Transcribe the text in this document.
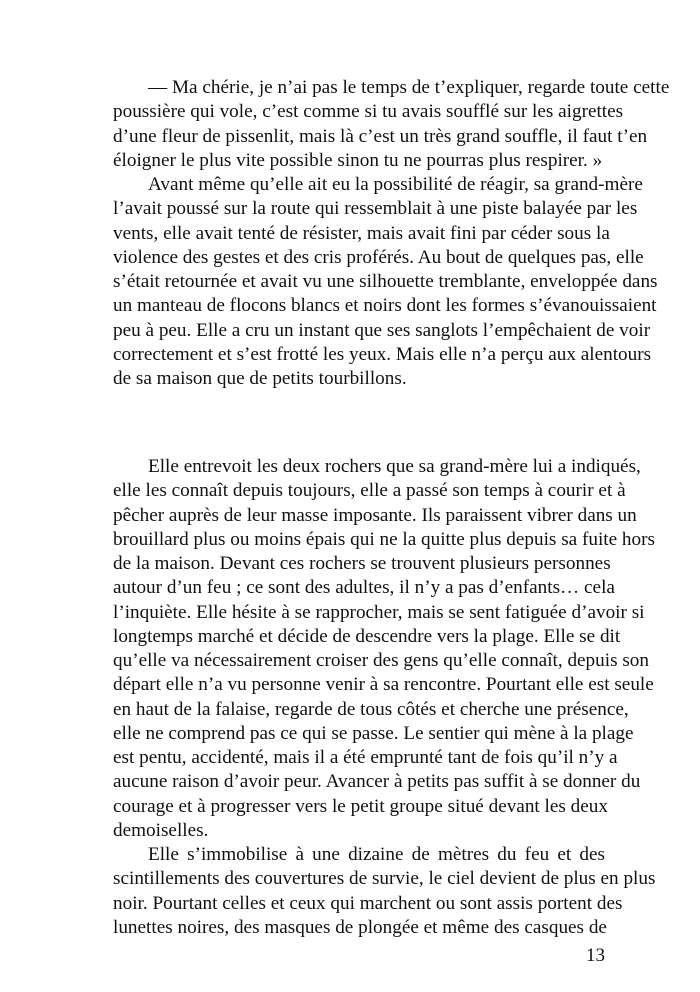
— Ma chérie, je n’ai pas le temps de t’expliquer, regarde toute cette
poussière qui vole, c’est comme si tu avais soufflé sur les aigrettes
d’une fleur de pissenlit, mais là c’est un très grand souffle, il faut t’en
éloigner le plus vite possible sinon tu ne pourras plus respirer. »
Avant même qu’elle ait eu la possibilité de réagir, sa grand-mère
l’avait poussé sur la route qui ressemblait à une piste balayée par les
vents, elle avait tenté de résister, mais avait fini par céder sous la
violence des gestes et des cris proférés. Au bout de quelques pas, elle
s’était retournée et avait vu une silhouette tremblante, enveloppée dans
un manteau de flocons blancs et noirs dont les formes s’évanouissaient
peu à peu. Elle a cru un instant que ses sanglots l’empêchaient de voir
correctement et s’est frotté les yeux. Mais elle n’a perçu aux alentours
de sa maison que de petits tourbillons.
Elle entrevoit les deux rochers que sa grand-mère lui a indiqués,
elle les connaît depuis toujours, elle a passé son temps à courir et à
pêcher auprès de leur masse imposante. Ils paraissent vibrer dans un
brouillard plus ou moins épais qui ne la quitte plus depuis sa fuite hors
de la maison. Devant ces rochers se trouvent plusieurs personnes
autour d’un feu ; ce sont des adultes, il n’y a pas d’enfants… cela
l’inquiète. Elle hésite à se rapprocher, mais se sent fatiguée d’avoir si
longtemps marché et décide de descendre vers la plage. Elle se dit
qu’elle va nécessairement croiser des gens qu’elle connaît, depuis son
départ elle n’a vu personne venir à sa rencontre. Pourtant elle est seule
en haut de la falaise, regarde de tous côtés et cherche une présence,
elle ne comprend pas ce qui se passe. Le sentier qui mène à la plage
est pentu, accidenté, mais il a été emprunté tant de fois qu’il n’y a
aucune raison d’avoir peur. Avancer à petits pas suffit à se donner du
courage et à progresser vers le petit groupe situé devant les deux
demoiselles.
Elle s’immobilise à une dizaine de mètres du feu et des
scintillements des couvertures de survie, le ciel devient de plus en plus
noir. Pourtant celles et ceux qui marchent ou sont assis portent des
lunettes noires, des masques de plongée et même des casques de
13
